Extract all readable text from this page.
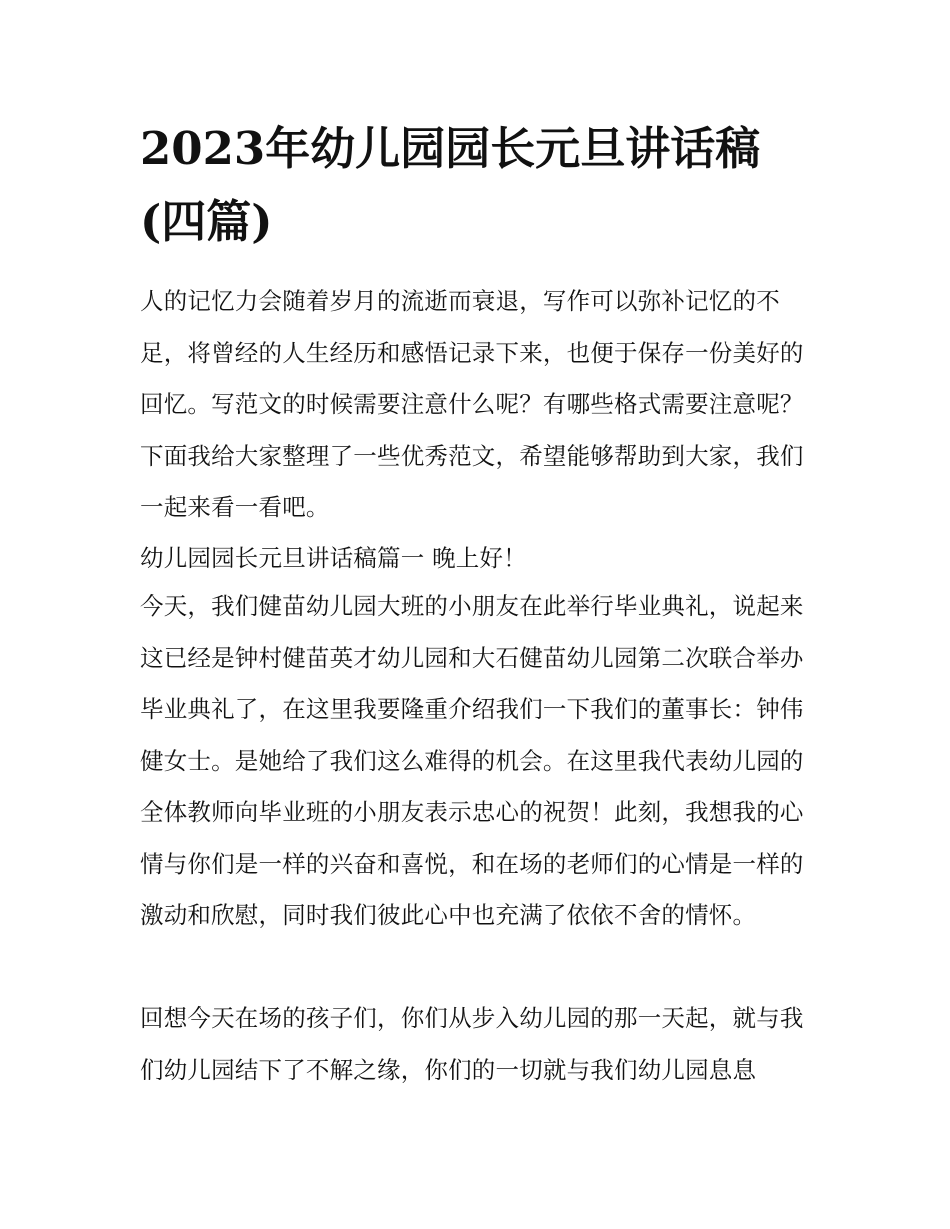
2023年幼儿园园长元旦讲话稿(四篇)

人的记忆力会随着岁月的流逝而衰退，写作可以弥补记忆的不足，将曾经的人生经历和感悟记录下来，也便于保存一份美好的回忆。写范文的时候需要注意什么呢？有哪些格式需要注意呢？下面我给大家整理了一些优秀范文，希望能够帮助到大家，我们一起来看一看吧。

幼儿园园长元旦讲话稿篇一 晚上好！

今天，我们健苗幼儿园大班的小朋友在此举行毕业典礼，说起来这已经是钟村健苗英才幼儿园和大石健苗幼儿园第二次联合举办毕业典礼了，在这里我要隆重介绍我们一下我们的董事长：钟伟健女士。是她给了我们这么难得的机会。在这里我代表幼儿园的全体教师向毕业班的小朋友表示忠心的祝贺！此刻，我想我的心情与你们是一样的兴奋和喜悦，和在场的老师们的心情是一样的激动和欣慰，同时我们彼此心中也充满了依依不舍的情怀。

回想今天在场的孩子们，你们从步入幼儿园的那一天起，就与我们幼儿园结下了不解之缘，你们的一切就与我们幼儿园息息
